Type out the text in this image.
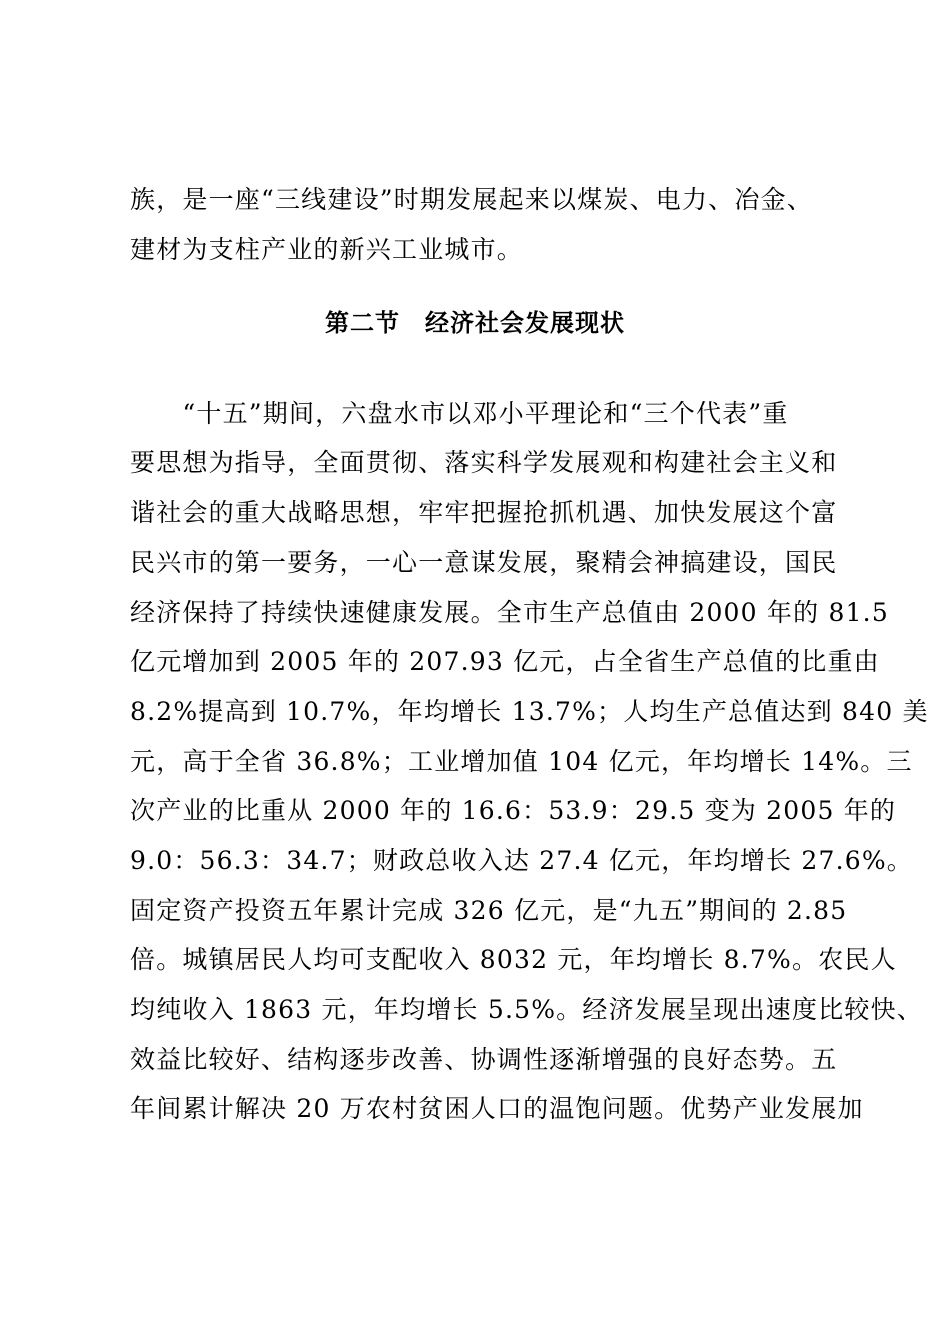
族，是一座“三线建设”时期发展起来以煤炭、电力、冶金、
建材为支柱产业的新兴工业城市。
第二节　经济社会发展现状
　　“十五”期间，六盘水市以邓小平理论和“三个代表”重
要思想为指导，全面贯彻、落实科学发展观和构建社会主义和
谐社会的重大战略思想，牢牢把握抢抓机遇、加快发展这个富
民兴市的第一要务，一心一意谋发展，聚精会神搞建设，国民
经济保持了持续快速健康发展。全市生产总值由 2000 年的 81.5
亿元增加到 2005 年的 207.93 亿元，占全省生产总值的比重由
8.2%提高到 10.7%，年均增长 13.7%；人均生产总值达到 840 美
元，高于全省 36.8%；工业增加值 104 亿元，年均增长 14%。三
次产业的比重从 2000 年的 16.6：53.9：29.5 变为 2005 年的
9.0：56.3：34.7；财政总收入达 27.4 亿元，年均增长 27.6%。
固定资产投资五年累计完成 326 亿元，是“九五”期间的 2.85
倍。城镇居民人均可支配收入 8032 元，年均增长 8.7%。农民人
均纯收入 1863 元，年均增长 5.5%。经济发展呈现出速度比较快、
效益比较好、结构逐步改善、协调性逐渐增强的良好态势。五
年间累计解决 20 万农村贫困人口的温饱问题。优势产业发展加
